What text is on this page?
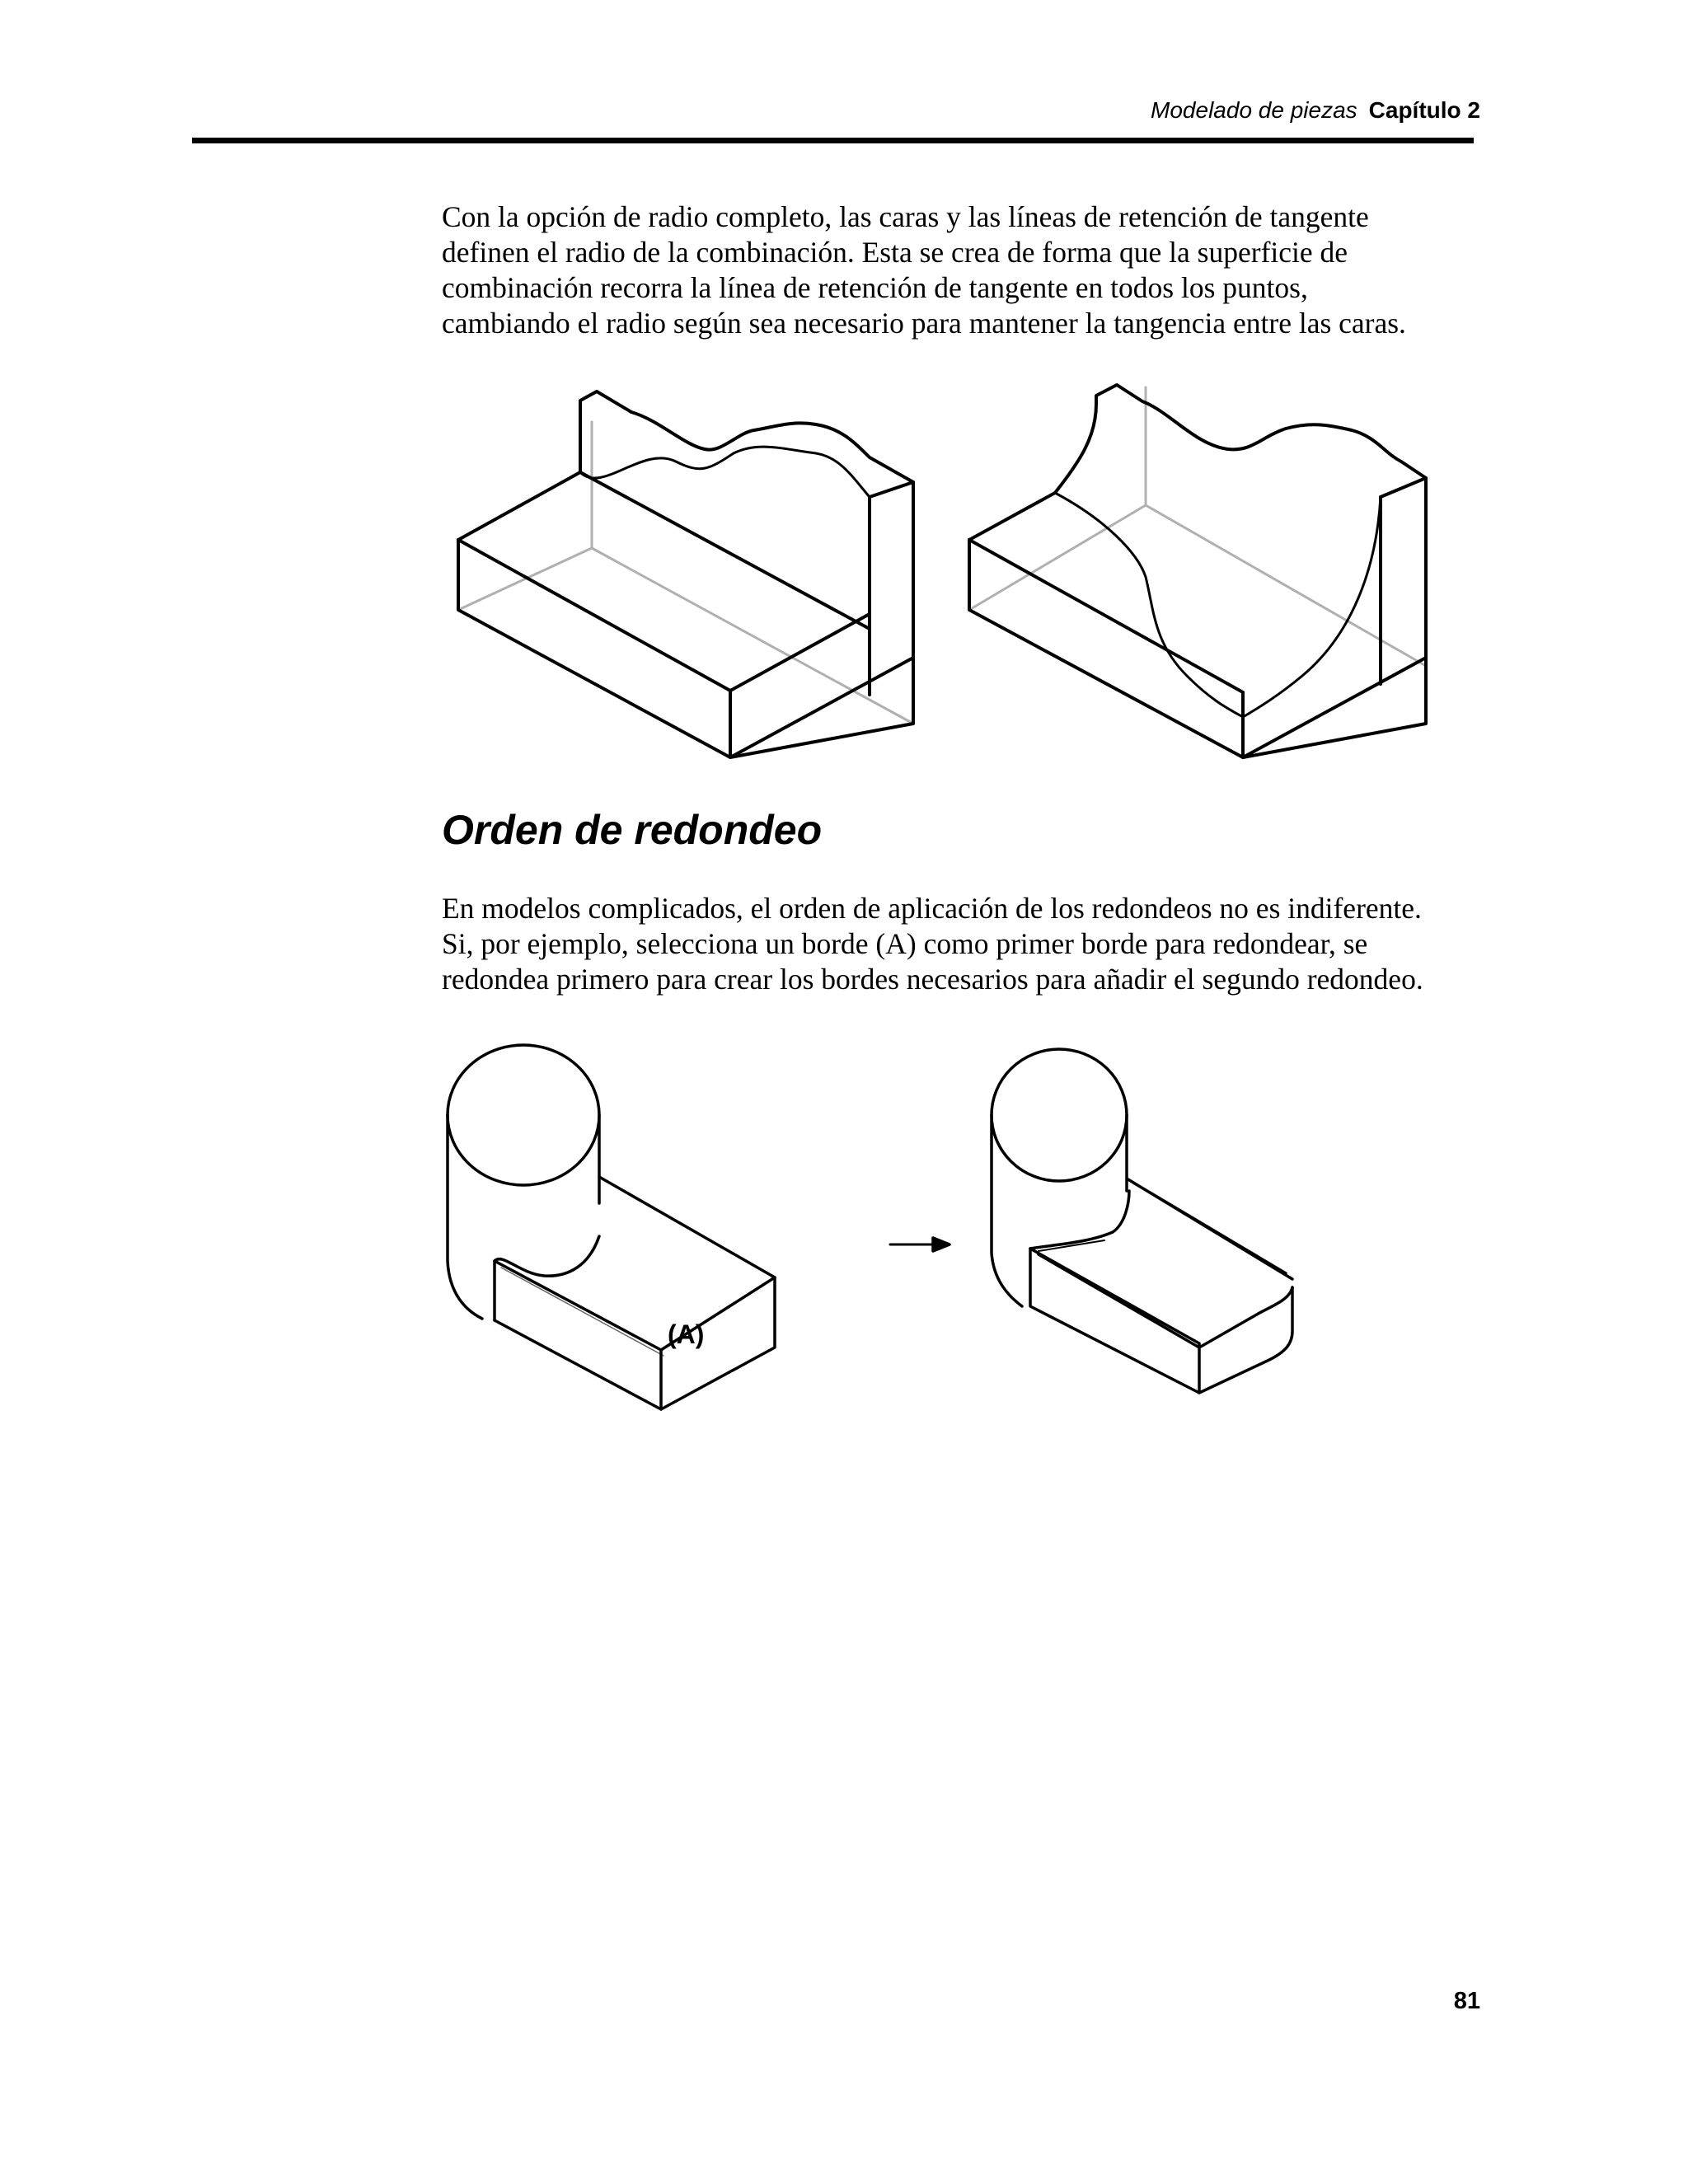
Modelado de piezas Capítulo 2
Con la opción de radio completo, las caras y las líneas de retención de tangente
definen el radio de la combinación. Esta se crea de forma que la superficie de
combinación recorra la línea de retención de tangente en todos los puntos,
cambiando el radio según sea necesario para mantener la tangencia entre las caras.
Orden de redondeo
En modelos complicados, el orden de aplicación de los redondeos no es indiferente.
Si, por ejemplo, selecciona un borde (A) como primer borde para redondear, se
redondea primero para crear los bordes necesarios para añadir el segundo redondeo.
(A)
81
